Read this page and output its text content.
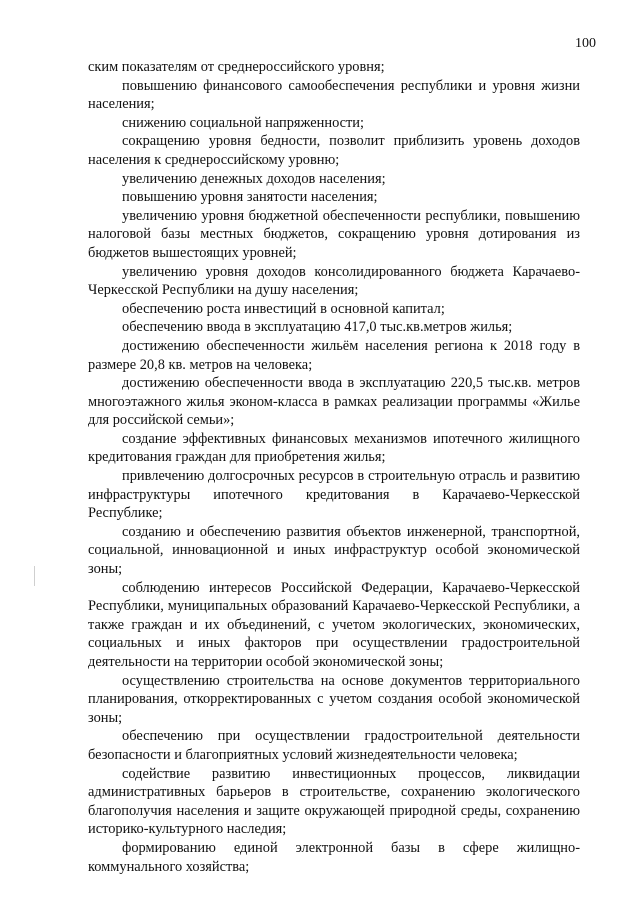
100

ским показателям от среднероссийского уровня;

повышению финансового самообеспечения республики и уровня жизни населения;

снижению социальной напряженности;

сокращению уровня бедности, позволит приблизить уровень доходов населения к среднероссийскому уровню;

увеличению денежных доходов населения;

повышению уровня занятости населения;

увеличению уровня бюджетной обеспеченности республики, повышению налоговой базы местных бюджетов, сокращению уровня дотирования из бюджетов вышестоящих уровней;

увеличению уровня доходов консолидированного бюджета Карачаево-Черкесской Республики на душу населения;

обеспечению роста инвестиций в основной капитал;

обеспечению ввода в эксплуатацию 417,0 тыс.кв.метров жилья;

достижению обеспеченности жильём населения региона к 2018 году в размере 20,8 кв. метров на человека;

достижению обеспеченности ввода в эксплуатацию 220,5 тыс.кв. метров многоэтажного жилья эконом-класса в рамках реализации программы «Жилье для российской семьи»;

создание эффективных финансовых механизмов ипотечного жилищного кредитования граждан для приобретения жилья;

привлечению долгосрочных ресурсов в строительную отрасль и развитию инфраструктуры ипотечного кредитования в Карачаево-Черкесской Республике;

созданию и обеспечению развития объектов инженерной, транспортной, социальной, инновационной и иных инфраструктур особой экономической зоны;

соблюдению интересов Российской Федерации, Карачаево-Черкесской Республики, муниципальных образований Карачаево-Черкесской Республики, а также граждан и их объединений, с учетом экологических, экономических, социальных и иных факторов при осуществлении градостроительной деятельности на территории особой экономической зоны;

осуществлению строительства на основе документов территориального планирования, откорректированных с учетом создания особой экономической зоны;

обеспечению при осуществлении градостроительной деятельности безопасности и благоприятных условий жизнедеятельности человека;

содействие развитию инвестиционных процессов, ликвидации административных барьеров в строительстве, сохранению экологического благополучия населения и защите окружающей природной среды, сохранению историко-культурного наследия;

формированию единой электронной базы в сфере жилищно-коммунального хозяйства;
